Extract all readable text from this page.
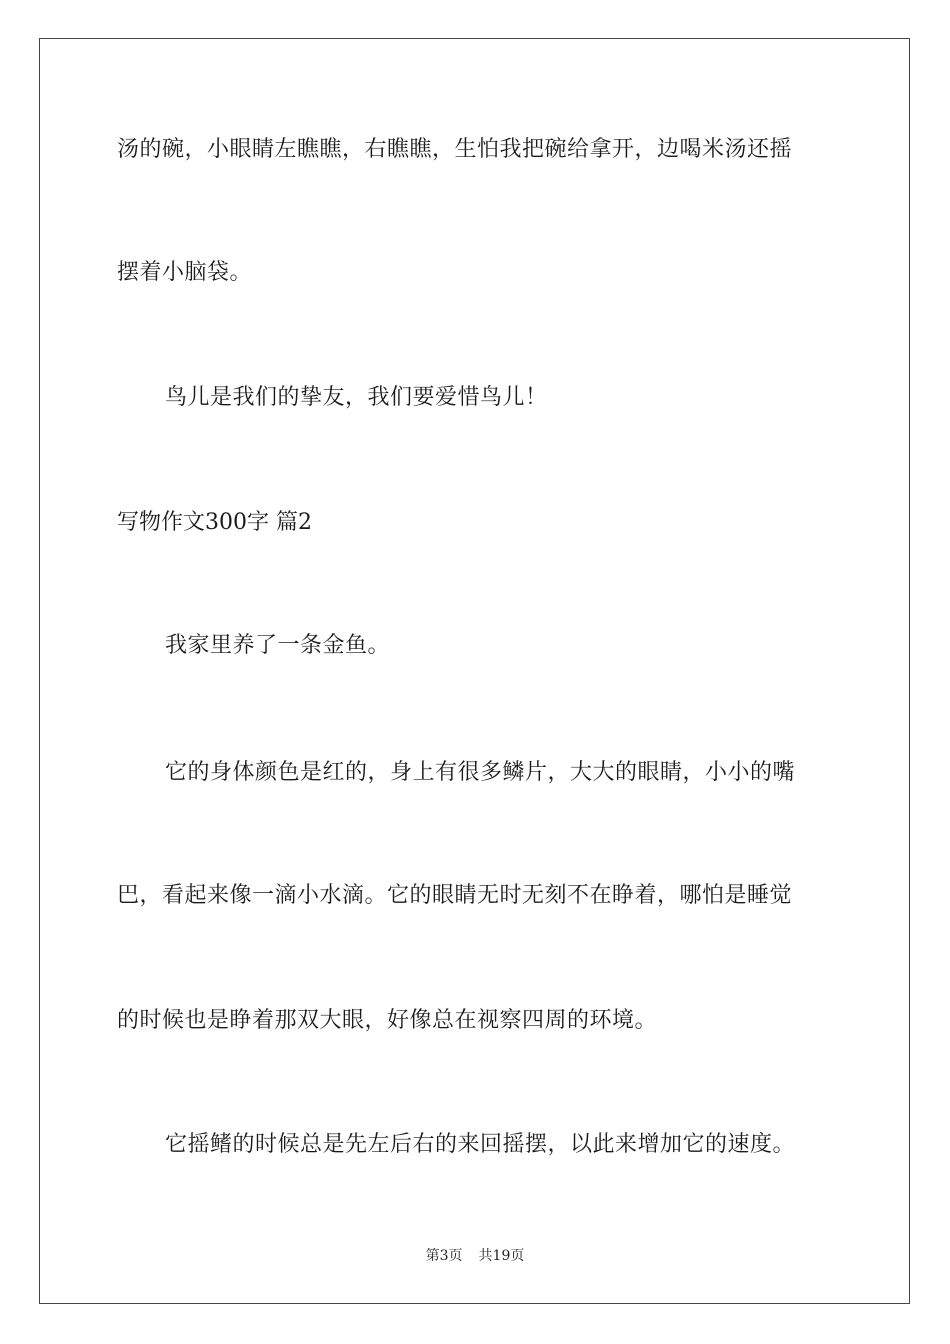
汤的碗，小眼睛左瞧瞧，右瞧瞧，生怕我把碗给拿开，边喝米汤还摇
摆着小脑袋。
鸟儿是我们的挚友，我们要爱惜鸟儿！
写物作文300字 篇2
我家里养了一条金鱼。
它的身体颜色是红的，身上有很多鳞片，大大的眼睛，小小的嘴
巴，看起来像一滴小水滴。它的眼睛无时无刻不在睁着，哪怕是睡觉
的时候也是睁着那双大眼，好像总在视察四周的环境。
它摇鳍的时候总是先左后右的来回摇摆，以此来增加它的速度。
第3页 共19页
